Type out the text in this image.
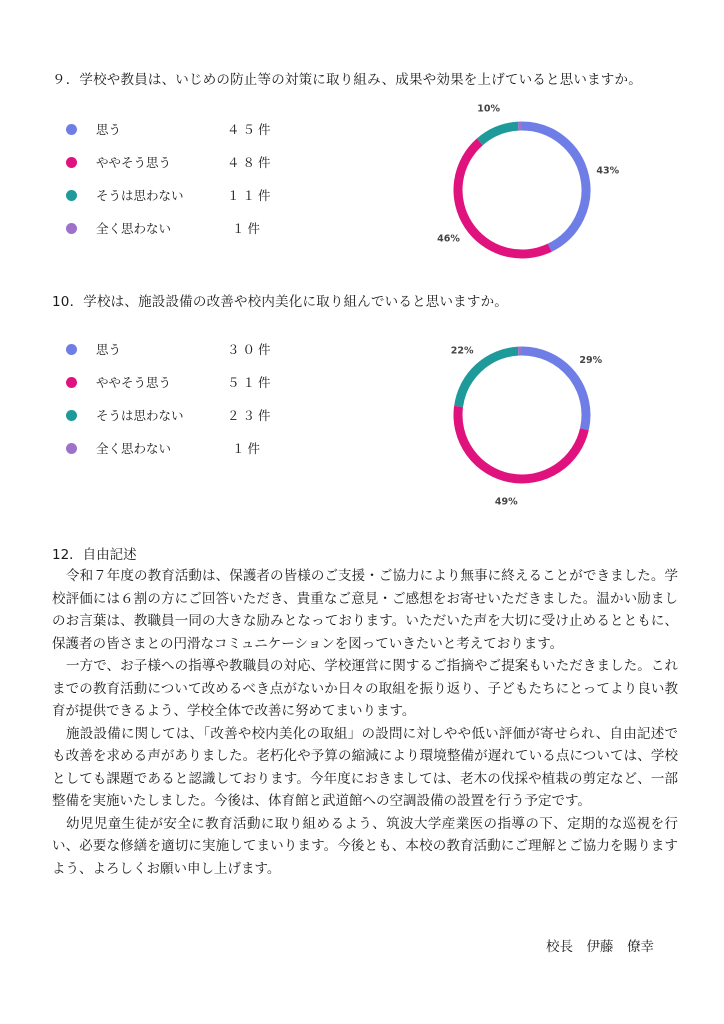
９．学校や教員は、いじめの防止等の対策に取り組み、成果や効果を上げていると思いますか。
思う	４５件
ややそう思う	４８件
そうは思わない	１１件
全く思わない	１件
43%
46%
10%
10．学校は、施設設備の改善や校内美化に取り組んでいると思いますか。
思う	３０件
ややそう思う	５１件
そうは思わない	２３件
全く思わない	１件
29%
49%
22%
12．自由記述

令和７年度の教育活動は、保護者の皆様のご支援・ご協力により無事に終えることができました。学校評価には６割の方にご回答いただき、貴重なご意見・ご感想をお寄せいただきました。温かい励ましのお言葉は、教職員一同の大きな励みとなっております。いただいた声を大切に受け止めるとともに、保護者の皆さまとの円滑なコミュニケーションを図っていきたいと考えております。

一方で、お子様への指導や教職員の対応、学校運営に関するご指摘やご提案もいただきました。これまでの教育活動について改めるべき点がないか日々の取組を振り返り、子どもたちにとってより良い教育が提供できるよう、学校全体で改善に努めてまいります。

施設設備に関しては、「改善や校内美化の取組」の設問に対しやや低い評価が寄せられ、自由記述でも改善を求める声がありました。老朽化や予算の縮減により環境整備が遅れている点については、学校としても課題であると認識しております。今年度におきましては、老木の伐採や植栽の剪定など、一部整備を実施いたしました。今後は、体育館と武道館への空調設備の設置を行う予定です。

幼児児童生徒が安全に教育活動に取り組めるよう、筑波大学産業医の指導の下、定期的な巡視を行い、必要な修繕を適切に実施してまいります。今後とも、本校の教育活動にご理解とご協力を賜りますよう、よろしくお願い申し上げます。

校長　伊藤　僚幸
